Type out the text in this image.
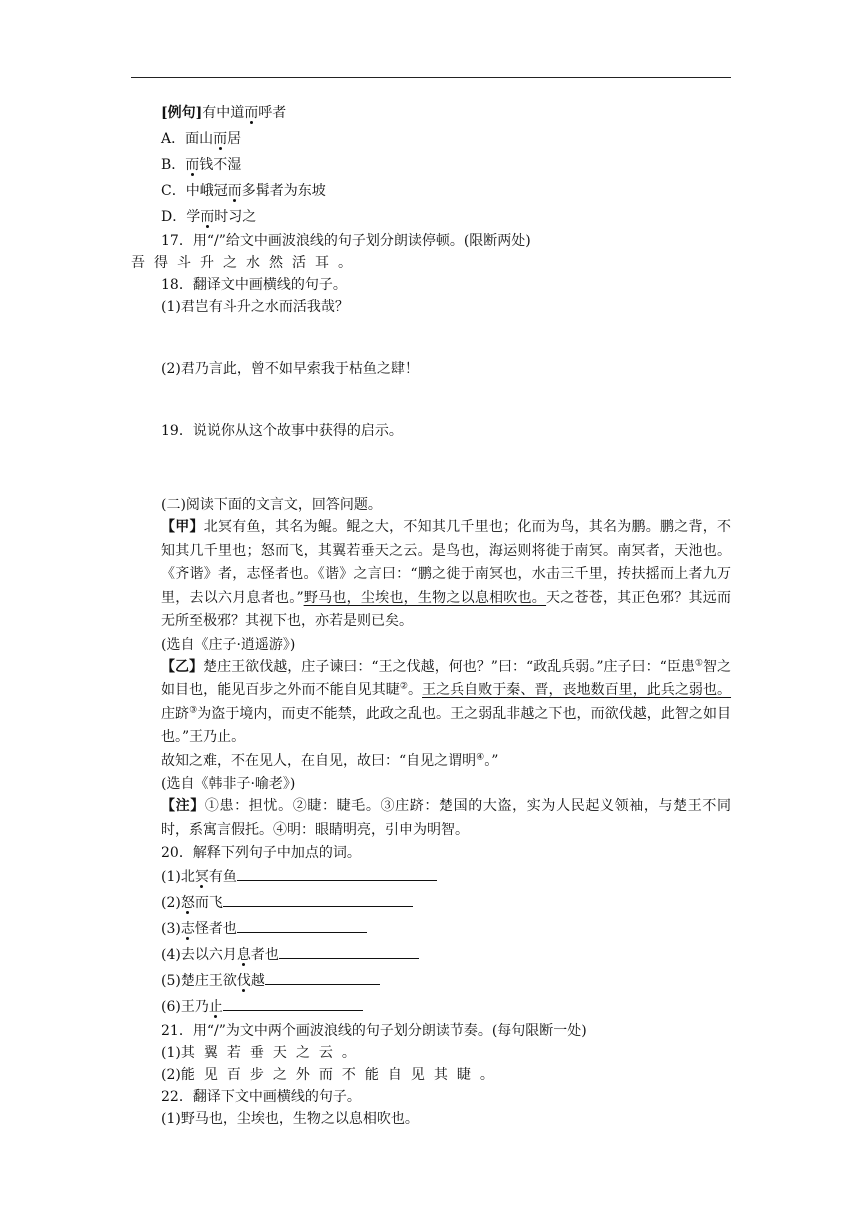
[例句]有中道而呼者
A．面山而居
B．而钱不湿
C．中峨冠而多髯者为东坡
D．学而时习之
17．用“/”给文中画波浪线的句子划分朗读停顿。(限断两处)
吾得斗升之水然活耳。
18．翻译文中画横线的句子。
(1)君岂有斗升之水而活我哉？
(2)君乃言此，曾不如早索我于枯鱼之肆！
19．说说你从这个故事中获得的启示。
(二)阅读下面的文言文，回答问题。
【甲】北冥有鱼，其名为鲲。鲲之大，不知其几千里也；化而为鸟，其名为鹏。鹏之背，不知其几千里也；怒而飞，其翼若垂天之云。是鸟也，海运则将徙于南冥。南冥者，天池也。《齐谐》者，志怪者也。《谐》之言曰：“鹏之徙于南冥也，水击三千里，抟扶摇而上者九万里，去以六月息者也。”野马也，尘埃也，生物之以息相吹也。天之苍苍，其正色邪？其远而无所至极邪？其视下也，亦若是则已矣。
(选自《庄子·逍遥游》)
【乙】楚庄王欲伐越，庄子谏曰：“王之伐越，何也？”曰：“政乱兵弱。”庄子曰：“臣患①智之如目也，能见百步之外而不能自见其睫②。王之兵自败于秦、晋，丧地数百里，此兵之弱也。庄跻③为盗于境内，而吏不能禁，此政之乱也。王之弱乱非越之下也，而欲伐越，此智之如目也。”王乃止。
故知之难，不在见人，在自见，故曰：“自见之谓明④。”
(选自《韩非子·喻老》)
【注】①患：担忧。②睫：睫毛。③庄跻：楚国的大盗，实为人民起义领袖，与楚王不同时，系寓言假托。④明：眼睛明亮，引申为明智。
20．解释下列句子中加点的词。
(1)北冥有鱼
(2)怒而飞
(3)志怪者也
(4)去以六月息者也
(5)楚庄王欲伐越
(6)王乃止
21．用“/”为文中两个画波浪线的句子划分朗读节奏。(每句限断一处)
(1)其翼若垂天之云。
(2)能见百步之外而不能自见其睫。
22．翻译下文中画横线的句子。
(1)野马也，尘埃也，生物之以息相吹也。
